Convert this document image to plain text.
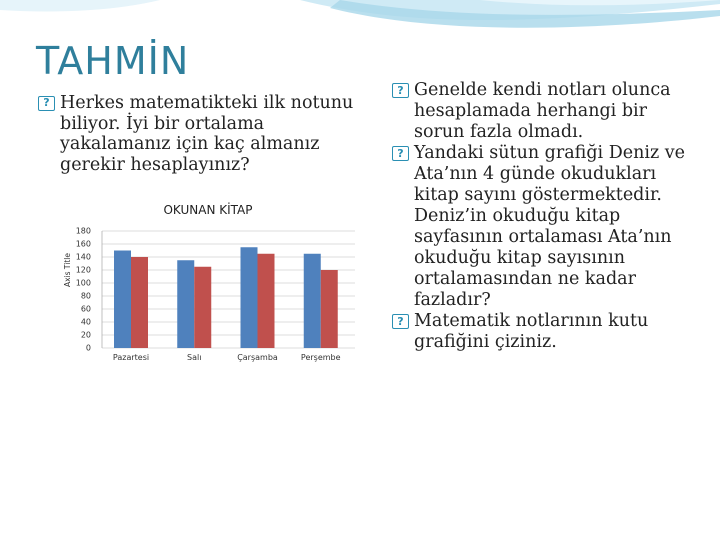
TAHMİN
? Herkes matematikteki ilk notunu biliyor. İyi bir ortalama yakalamanız için kaç almanız gerekir hesaplayınız?
OKUNAN KİTAP
Axis Title
180
160
140
120
100
80
60
40
20
0
Pazartesi	Salı	Çarşamba	Perşembe
? Genelde kendi notları olunca hesaplamada herhangi bir sorun fazla olmadı.
? Yandaki sütun grafiği Deniz ve Ata’nın 4 günde okudukları kitap sayını göstermektedir. Deniz’in okuduğu kitap sayfasının ortalaması Ata’nın okuduğu kitap sayısının ortalamasından ne kadar fazladır?
? Matematik notlarının kutu grafiğini çiziniz.
